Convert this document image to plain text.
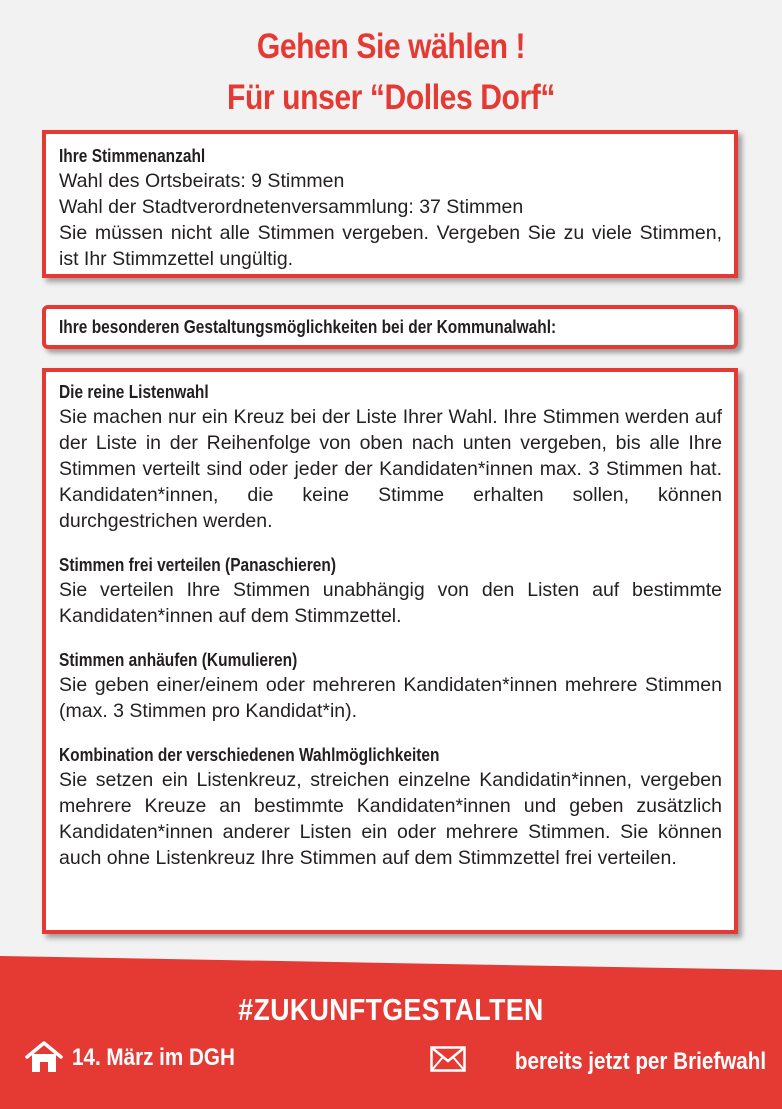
Gehen Sie wählen !
Für unser “Dolles Dorf“
Ihre Stimmenanzahl
Wahl des Ortsbeirats: 9 Stimmen
Wahl der Stadtverordnetenversammlung: 37 Stimmen

Sie müssen nicht alle Stimmen vergeben. Vergeben Sie zu viele Stimmen, ist Ihr Stimmzettel ungültig.

Ihre besonderen Gestaltungsmöglichkeiten bei der Kommunalwahl:
Die reine Listenwahl

Sie machen nur ein Kreuz bei der Liste Ihrer Wahl. Ihre Stimmen werden auf der Liste in der Reihenfolge von oben nach unten vergeben, bis alle Ihre Stimmen verteilt sind oder jeder der Kandidaten*innen max. 3 Stimmen hat. Kandidaten*innen, die keine Stimme erhalten sollen, können durchgestrichen werden.

Stimmen frei verteilen (Panaschieren)

Sie verteilen Ihre Stimmen unabhängig von den Listen auf bestimmte Kandidaten*innen auf dem Stimmzettel.

Stimmen anhäufen (Kumulieren)

Sie geben einer/einem oder mehreren Kandidaten*innen mehrere Stimmen (max. 3 Stimmen pro Kandidat*in).

Kombination der verschiedenen Wahlmöglichkeiten

Sie setzen ein Listenkreuz, streichen einzelne Kandidatin*innen, vergeben mehrere Kreuze an bestimmte Kandidaten*innen und geben zusätzlich Kandidaten*innen anderer Listen ein oder mehrere Stimmen. Sie können auch ohne Listenkreuz Ihre Stimmen auf dem Stimmzettel frei verteilen.

#ZUKUNFTGESTALTEN
14. März im DGH	bereits jetzt per Briefwahl
